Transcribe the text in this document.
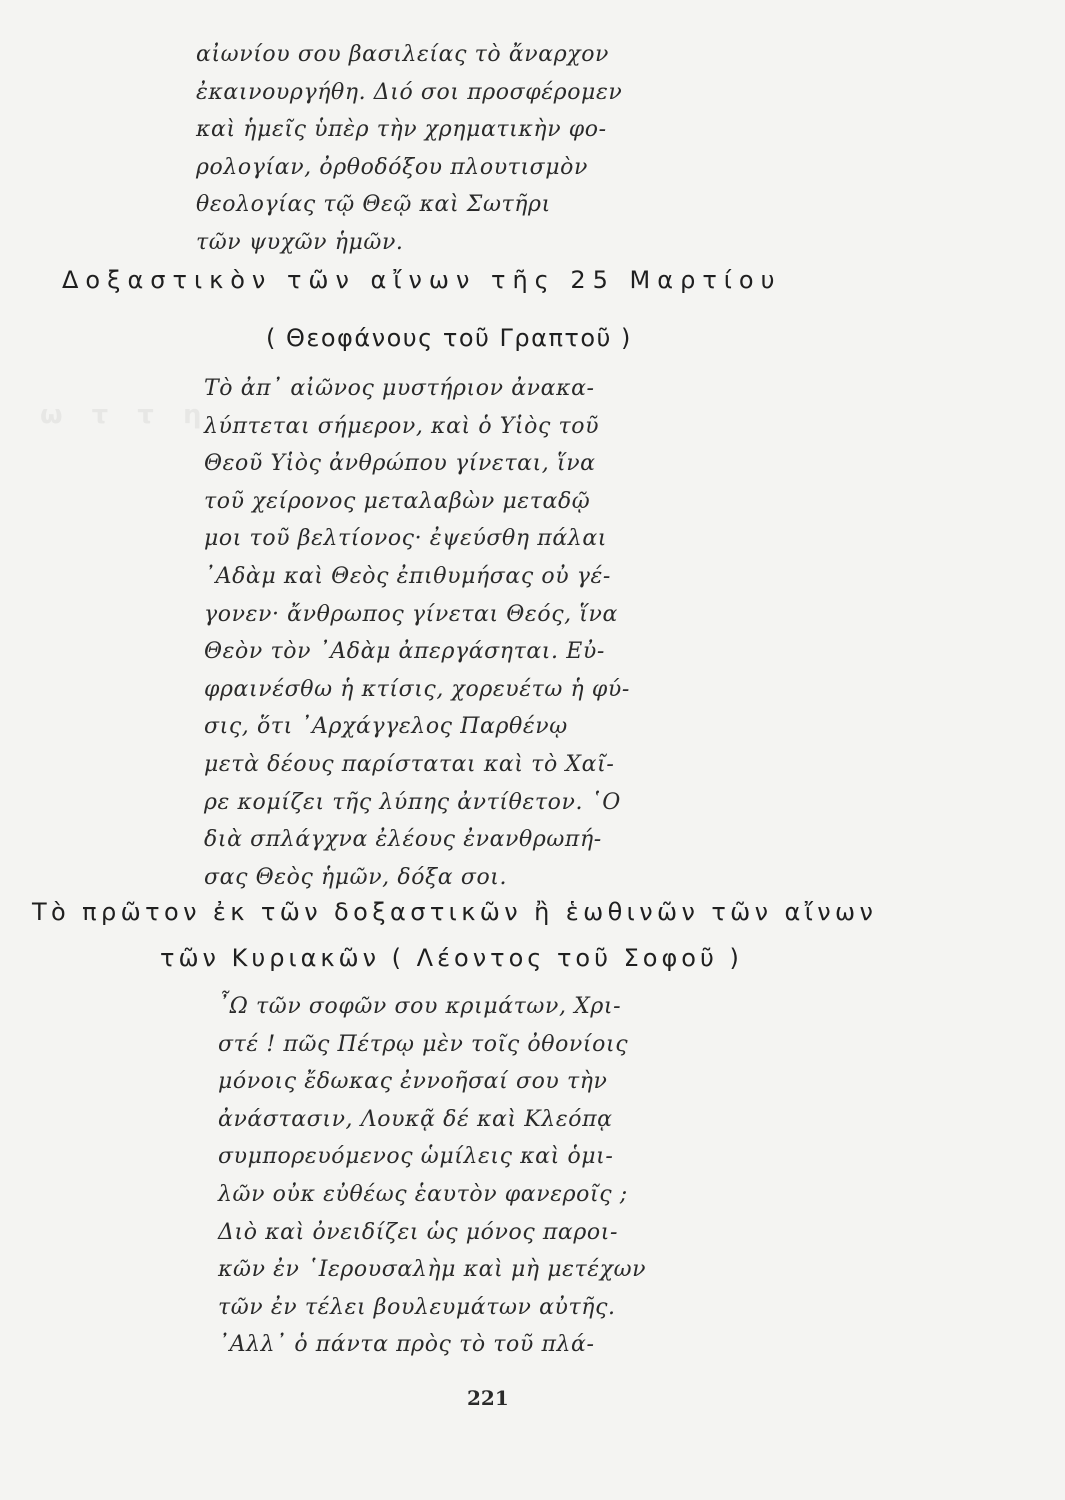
ω τ τ η
αἰωνίου σου βασιλείας τὸ ἄναρχον
ἐκαινουργήθη. Διό σοι προσφέρομεν
καὶ ἡμεῖς ὑπὲρ τὴν χρηματικὴν φο-
ρολογίαν, ὀρθοδόξου πλουτισμὸν
θεολογίας τῷ Θεῷ καὶ Σωτῆρι
τῶν ψυχῶν ἡμῶν.
Δοξαστικὸν τῶν αἴνων τῆς 25 Μαρτίου
( Θεοφάνους τοῦ Γραπτοῦ )
Τὸ ἀπ᾽ αἰῶνος μυστήριον ἀνακα-
λύπτεται σήμερον, καὶ ὁ Υἱὸς τοῦ
Θεοῦ Υἱὸς ἀνθρώπου γίνεται, ἵνα
τοῦ χείρονος μεταλαβὼν μεταδῷ
μοι τοῦ βελτίονος· ἐψεύσθη πάλαι
᾽Αδὰμ καὶ Θεὸς ἐπιθυμήσας οὐ γέ-
γονεν· ἄνθρωπος γίνεται Θεός, ἵνα
Θεὸν τὸν ᾽Αδὰμ ἀπεργάσηται. Εὐ-
φραινέσθω ἡ κτίσις, χορευέτω ἡ φύ-
σις, ὅτι ᾽Αρχάγγελος Παρθένῳ
μετὰ δέους παρίσταται καὶ τὸ Χαῖ-
ρε κομίζει τῆς λύπης ἀντίθετον. ῾Ο
διὰ σπλάγχνα ἐλέους ἐνανθρωπή-
σας Θεὸς ἡμῶν, δόξα σοι.
Τὸ πρῶτον ἐκ τῶν δοξαστικῶν ἢ ἑωθινῶν τῶν αἴνων
τῶν Κυριακῶν ( Λέοντος τοῦ Σοφοῦ )
῏Ω τῶν σοφῶν σου κριμάτων, Χρι-
στέ ! πῶς Πέτρῳ μὲν τοῖς ὀθονίοις
μόνοις ἔδωκας ἐννοῆσαί σου τὴν
ἀνάστασιν, Λουκᾷ δέ καὶ Κλεόπᾳ
συμπορευόμενος ὡμίλεις καὶ ὁμι-
λῶν οὐκ εὐθέως ἑαυτὸν φανεροῖς ;
Διὸ καὶ ὀνειδίζει ὡς μόνος παροι-
κῶν ἐν ῾Ιερουσαλὴμ καὶ μὴ μετέχων
τῶν ἐν τέλει βουλευμάτων αὐτῆς.
᾽Αλλ᾽ ὁ πάντα πρὸς τὸ τοῦ πλά-
221
